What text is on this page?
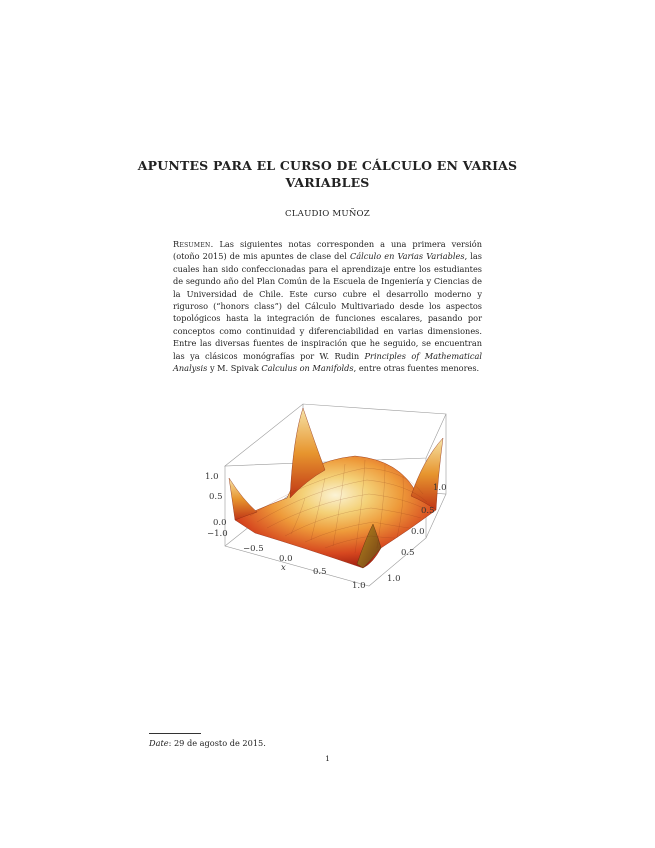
APUNTES PARA EL CURSO DE CÁLCULO EN VARIAS
VARIABLES
CLAUDIO MUÑOZ
Resumen. Las siguientes notas corresponden a una primera versión (otoño 2015) de mis apuntes de clase del Cálculo en Varias Variables, las cuales han sido confeccionadas para el aprendizaje entre los estudiantes de segundo año del Plan Común de la Escuela de Ingeniería y Ciencias de la Universidad de Chile. Este curso cubre el desarrollo moderno y riguroso (“honors class”) del Cálculo Multivariado desde los aspectos topológicos hasta la integración de funciones escalares, pasando por conceptos como continuidad y diferenciabilidad en varias dimensiones. Entre las diversas fuentes de inspiración que he seguido, se encuentran las ya clásicos monógrafías por W. Rudin Principles of Mathematical Analysis y M. Spivak Calculus on Manifolds, entre otras fuentes menores.
1.0
0.5
0.0
−1.0
−0.5
0.0
0.5
1.0
x
1.0
0.5
0.0
0.5
1.0
Date: 29 de agosto de 2015.
1
